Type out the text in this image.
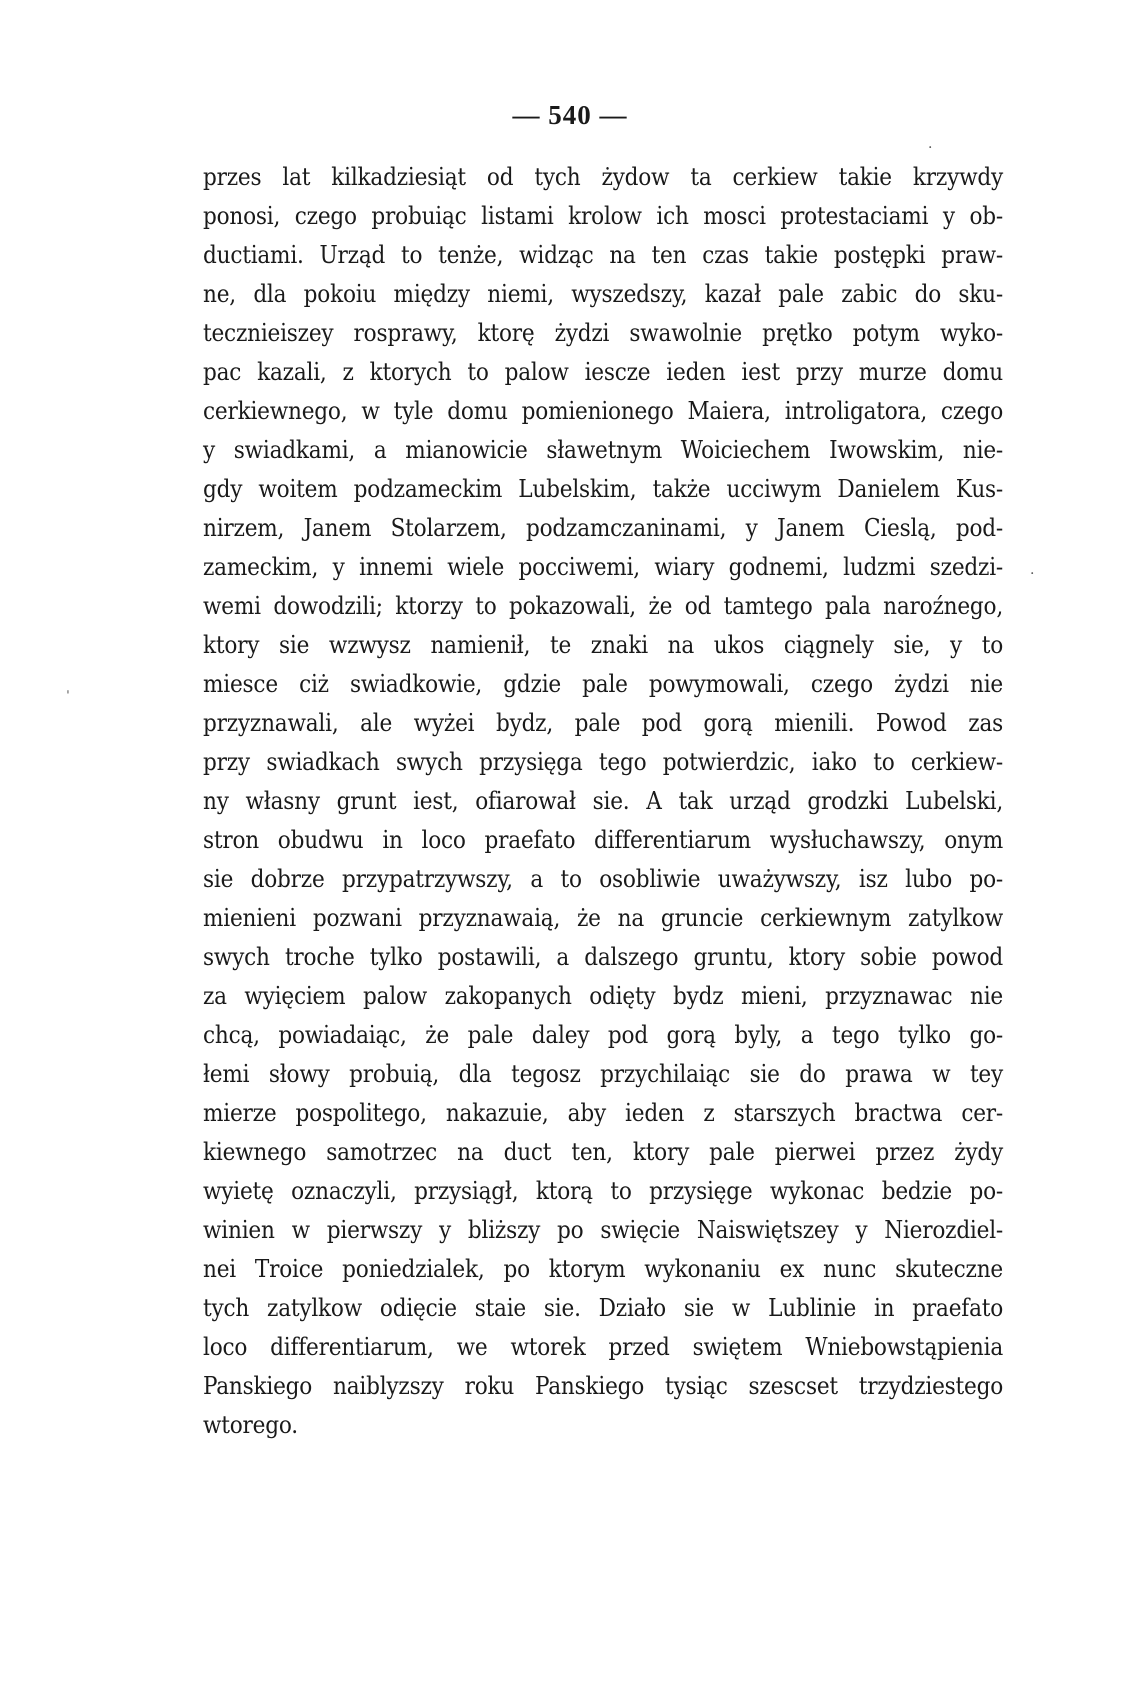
— 540 —
·
·
ˌ
przes lat kilkadziesiąt od tych żydow ta cerkiew takie krzywdy
ponosi, czego probuiąc listami krolow ich mosci protestaciami y ob-
ductiami. Urząd to tenże, widząc na ten czas takie postępki praw-
ne, dla pokoiu między niemi, wyszedszy, kazał pale zabic do sku-
tecznieiszey rosprawy, ktorę żydzi swawolnie prętko potym wyko-
pac kazali, z ktorych to palow iescze ieden iest przy murze domu
cerkiewnego, w tyle domu pomienionego Maiera, introligatora, czego
y swiadkami, a mianowicie sławetnym Woiciechem Iwowskim, nie-
gdy woitem podzameckim Lubelskim, także uccіwym Danielem Kus-
nirzem, Janem Stolarzem, podzamczaninami, y Janem Cieslą, pod-
zameckim, y innemi wiele pocciwemi, wiary godnemi, ludzmi szedzi-
wemi dowodzili; ktorzy to pokazowali, że od tamtego pala naroźnego,
ktory sie wzwysz namienił, te znaki na ukos ciągnely sie, y to
miesce ciż swiadkowie, gdzie pale powymowali, czego żydzi nie
przyznawali, ale wyżei bydz, pale pod gorą mienili. Powod zas
przy swiadkach swych przysięga tego potwierdzic, iako to cerkiew-
ny własny grunt iest, ofiarował sie. A tak urząd grodzki Lubelski,
stron obudwu in loco praefato differentiarum wysłuchawszy, onym
sie dobrze przypatrzywszy, a to osobliwie uważywszy, isz lubo po-
mienieni pozwani przyznawaią, że na gruncie cerkiewnym zatylkow
swych troche tylko postawili, a dalszego gruntu, ktory sobie powod
za wyięciem palow zakopanych odięty bydz mieni, przyznawac nie
chcą, powiadaiąc, że pale daley pod gorą byly, a tego tylko go-
łemi słowy probuią, dla tegosz przychilaiąc sie do prawa w tey
mierze pospolitego, nakazuie, aby ieden z starszych bractwa cer-
kiewnego samotrzec na duct ten, ktory pale pierwei przez żydy
wyietę oznaczyli, przysiągł, ktorą to przysięge wykonac bedzie po-
winien w pierwszy y bliższy po swięcie Naiswiętszey y Nierozdiel-
nei Troice poniedzialek, po ktorym wykonaniu ex nunc skuteczne
tych zatylkow odięcie staie sie. Działo sie w Lublinie in praefato
loco differentiarum, we wtorek przed swiętem Wniebowstąpienia
Panskiego naiblyzszy roku Panskiego tysiąc szescset trzydziestego
wtorego.
